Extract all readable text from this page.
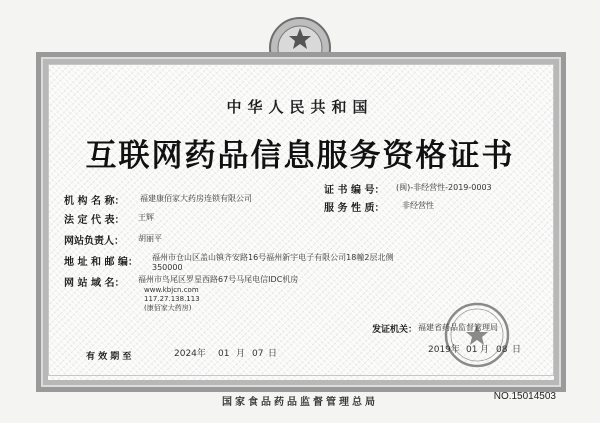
中华人民共和国
互联网药品信息服务资格证书
机 构 名 称： 福建康佰家大药房连锁有限公司
法 定 代 表： 王辉
网站负责人： 胡丽平
地 址 和 邮 编： 福州市仓山区盖山镇齐安路16号福州新宇电子有限公司18幢2层北侧
350000
网 站 域 名： 福州市鸟尾区罗星西路67号马尾电信IDC机房
www.kbjcn.com
117.27.138.113
(康佰家大药房)
证 书 编 号： (闽)-非经营性-2019-0003
服 务 性 质： 非经营性
发证机关： 福建省药品监督管理局
有 效 期 至	2024年 01 月 07 日	2019年 01 月 08 日
国家食品药品监督管理总局
NO.15014503
